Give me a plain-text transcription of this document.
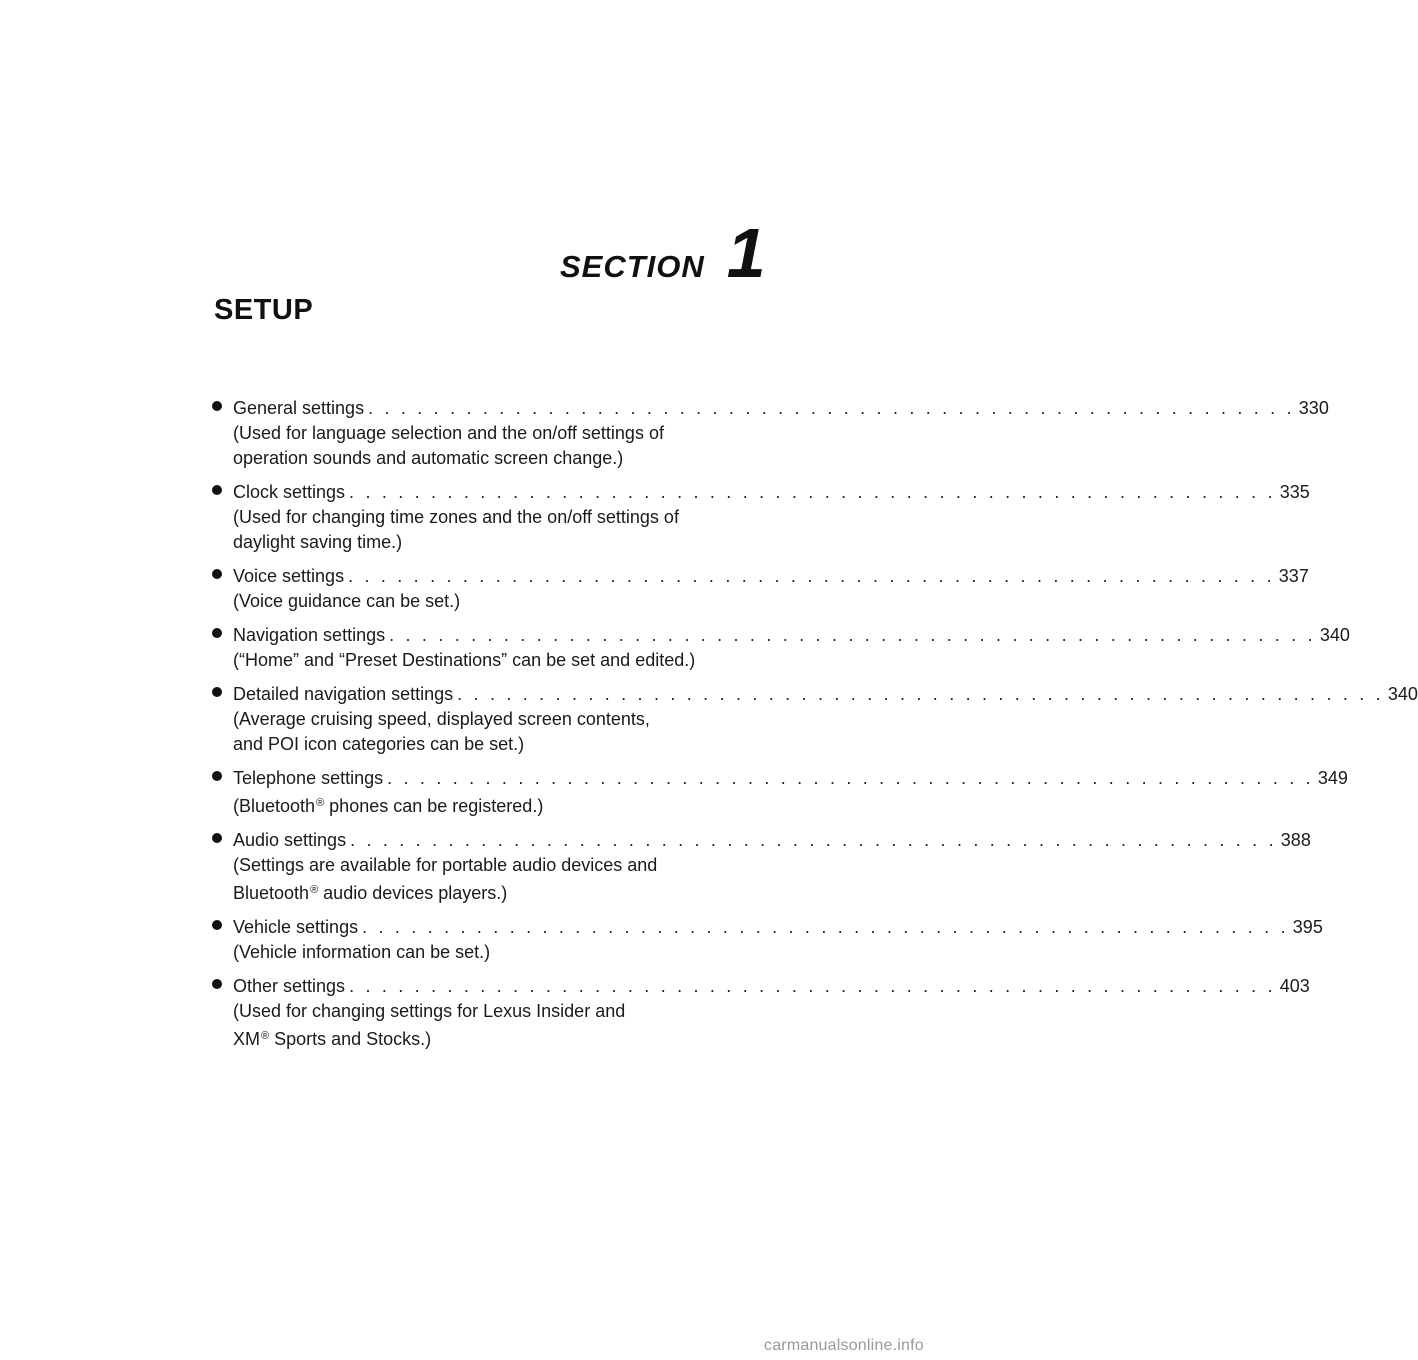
SECTION 1
SETUP
General settings . . . . . . . . . . . . . . . . . . . . . . . . . . . . . . . . . . . . . . . . . . . . . . . . . . . . . . . . . 330

(Used for language selection and the on/off settings of
operation sounds and automatic screen change.)

Clock settings . . . . . . . . . . . . . . . . . . . . . . . . . . . . . . . . . . . . . . . . . . . . . . . . . . . . . . . . . 335

(Used for changing time zones and the on/off settings of
daylight saving time.)

Voice settings . . . . . . . . . . . . . . . . . . . . . . . . . . . . . . . . . . . . . . . . . . . . . . . . . . . . . . . . . 337

(Voice guidance can be set.)

Navigation settings . . . . . . . . . . . . . . . . . . . . . . . . . . . . . . . . . . . . . . . . . . . . . . . . . . . . . . . . . 340

(“Home” and “Preset Destinations” can be set and edited.)

Detailed navigation settings . . . . . . . . . . . . . . . . . . . . . . . . . . . . . . . . . . . . . . . . . . . . . . . . . . . . . . . . . 340

(Average cruising speed, displayed screen contents,
and POI icon categories can be set.)

Telephone settings . . . . . . . . . . . . . . . . . . . . . . . . . . . . . . . . . . . . . . . . . . . . . . . . . . . . . . . . . 349

(Bluetooth® phones can be registered.)

Audio settings . . . . . . . . . . . . . . . . . . . . . . . . . . . . . . . . . . . . . . . . . . . . . . . . . . . . . . . . . 388

(Settings are available for portable audio devices and
Bluetooth® audio devices players.)

Vehicle settings . . . . . . . . . . . . . . . . . . . . . . . . . . . . . . . . . . . . . . . . . . . . . . . . . . . . . . . . . 395

(Vehicle information can be set.)

Other settings . . . . . . . . . . . . . . . . . . . . . . . . . . . . . . . . . . . . . . . . . . . . . . . . . . . . . . . . . 403

(Used for changing settings for Lexus Insider and
XM® Sports and Stocks.)

carmanualsonline.info
